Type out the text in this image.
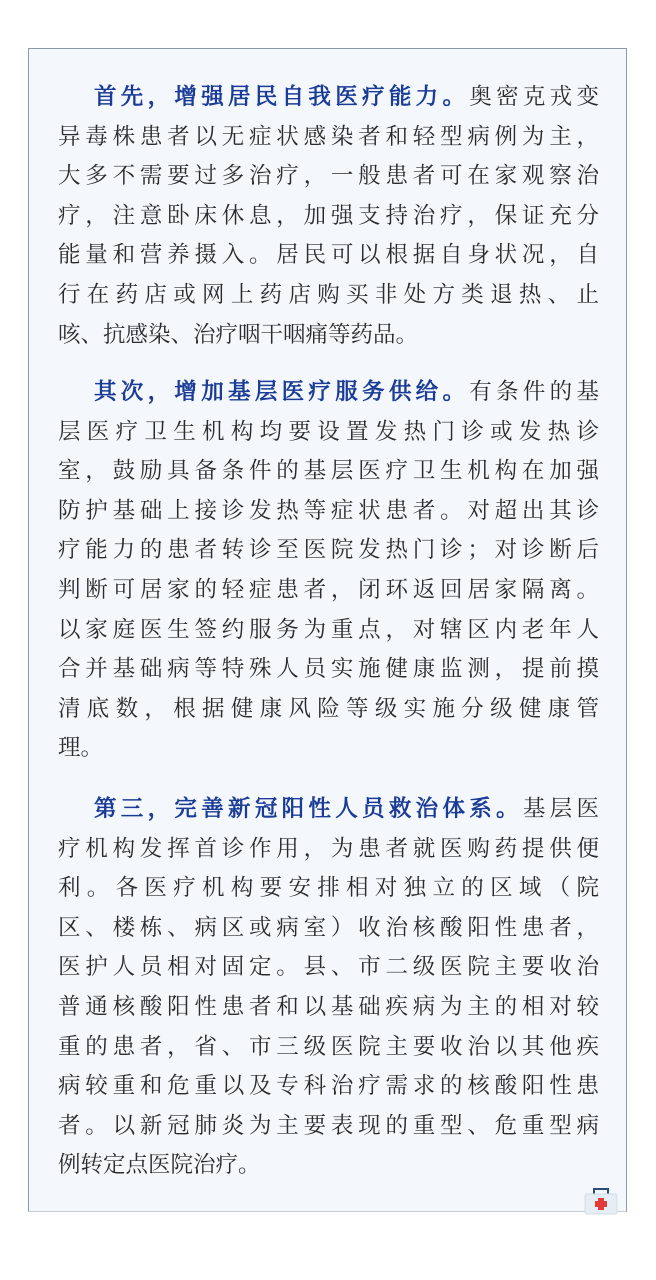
首先，增强居民自我医疗能力。奥密克戎变
异毒株患者以无症状感染者和轻型病例为主，
大多不需要过多治疗，一般患者可在家观察治
疗，注意卧床休息，加强支持治疗，保证充分
能量和营养摄入。居民可以根据自身状况，自
行在药店或网上药店购买非处方类退热、止
咳、抗感染、治疗咽干咽痛等药品。
其次，增加基层医疗服务供给。有条件的基
层医疗卫生机构均要设置发热门诊或发热诊
室，鼓励具备条件的基层医疗卫生机构在加强
防护基础上接诊发热等症状患者。对超出其诊
疗能力的患者转诊至医院发热门诊；对诊断后
判断可居家的轻症患者，闭环返回居家隔离。
以家庭医生签约服务为重点，对辖区内老年人
合并基础病等特殊人员实施健康监测，提前摸
清底数，根据健康风险等级实施分级健康管
理。
第三，完善新冠阳性人员救治体系。基层医
疗机构发挥首诊作用，为患者就医购药提供便
利。各医疗机构要安排相对独立的区域（院
区、楼栋、病区或病室）收治核酸阳性患者，
医护人员相对固定。县、市二级医院主要收治
普通核酸阳性患者和以基础疾病为主的相对较
重的患者，省、市三级医院主要收治以其他疾
病较重和危重以及专科治疗需求的核酸阳性患
者。以新冠肺炎为主要表现的重型、危重型病
例转定点医院治疗。
